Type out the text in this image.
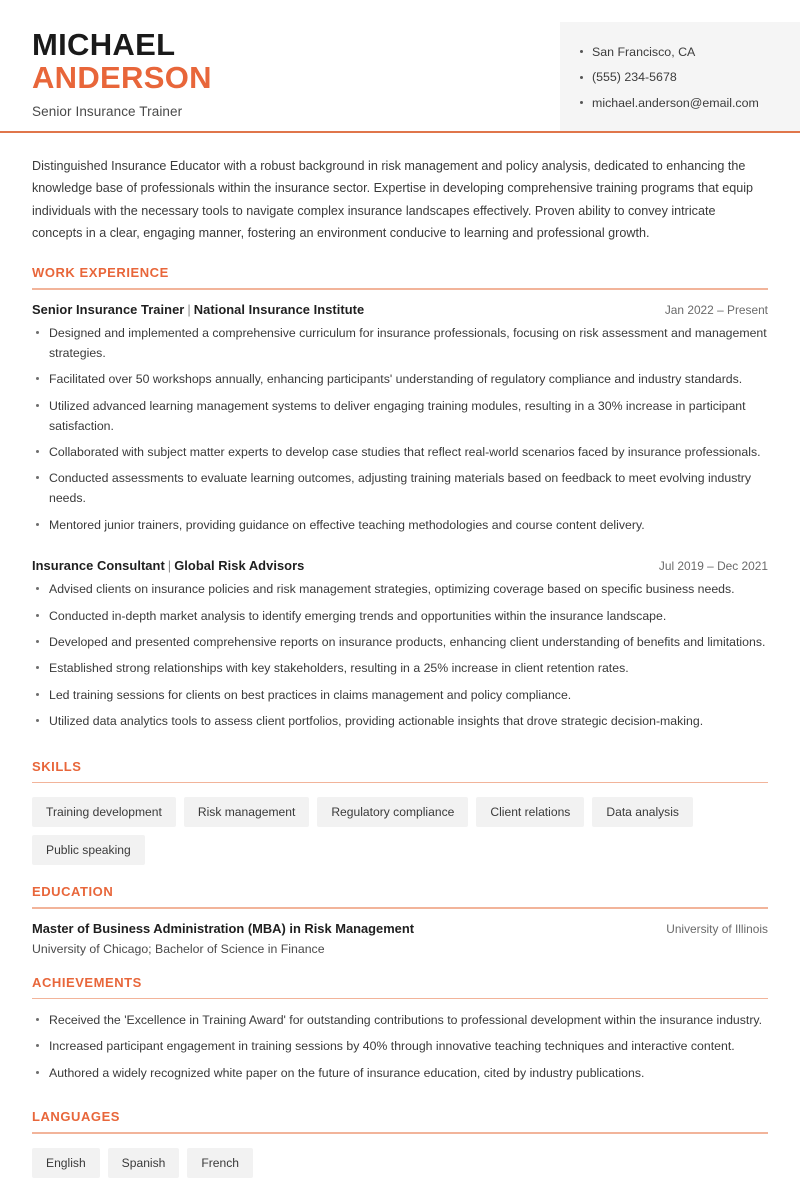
MICHAEL
ANDERSON
Senior Insurance Trainer
San Francisco, CA
(555) 234-5678
michael.anderson@email.com

Distinguished Insurance Educator with a robust background in risk management and policy analysis, dedicated to enhancing the knowledge base of professionals within the insurance sector. Expertise in developing comprehensive training programs that equip individuals with the necessary tools to navigate complex insurance landscapes effectively. Proven ability to convey intricate concepts in a clear, engaging manner, fostering an environment conducive to learning and professional growth.

WORK EXPERIENCE
Senior Insurance Trainer | National Insurance Institute	Jan 2022 – Present
Designed and implemented a comprehensive curriculum for insurance professionals, focusing on risk assessment and management strategies.
Facilitated over 50 workshops annually, enhancing participants' understanding of regulatory compliance and industry standards.
Utilized advanced learning management systems to deliver engaging training modules, resulting in a 30% increase in participant satisfaction.
Collaborated with subject matter experts to develop case studies that reflect real-world scenarios faced by insurance professionals.
Conducted assessments to evaluate learning outcomes, adjusting training materials based on feedback to meet evolving industry needs.
Mentored junior trainers, providing guidance on effective teaching methodologies and course content delivery.
Insurance Consultant | Global Risk Advisors	Jul 2019 – Dec 2021
Advised clients on insurance policies and risk management strategies, optimizing coverage based on specific business needs.
Conducted in-depth market analysis to identify emerging trends and opportunities within the insurance landscape.
Developed and presented comprehensive reports on insurance products, enhancing client understanding of benefits and limitations.
Established strong relationships with key stakeholders, resulting in a 25% increase in client retention rates.
Led training sessions for clients on best practices in claims management and policy compliance.
Utilized data analytics tools to assess client portfolios, providing actionable insights that drove strategic decision-making.
SKILLS
Training development	Risk management	Regulatory compliance	Client relations	Data analysis
Public speaking
EDUCATION
Master of Business Administration (MBA) in Risk Management	University of Illinois
University of Chicago; Bachelor of Science in Finance
ACHIEVEMENTS
Received the 'Excellence in Training Award' for outstanding contributions to professional development within the insurance industry.
Increased participant engagement in training sessions by 40% through innovative teaching techniques and interactive content.
Authored a widely recognized white paper on the future of insurance education, cited by industry publications.
LANGUAGES
English	Spanish	French
